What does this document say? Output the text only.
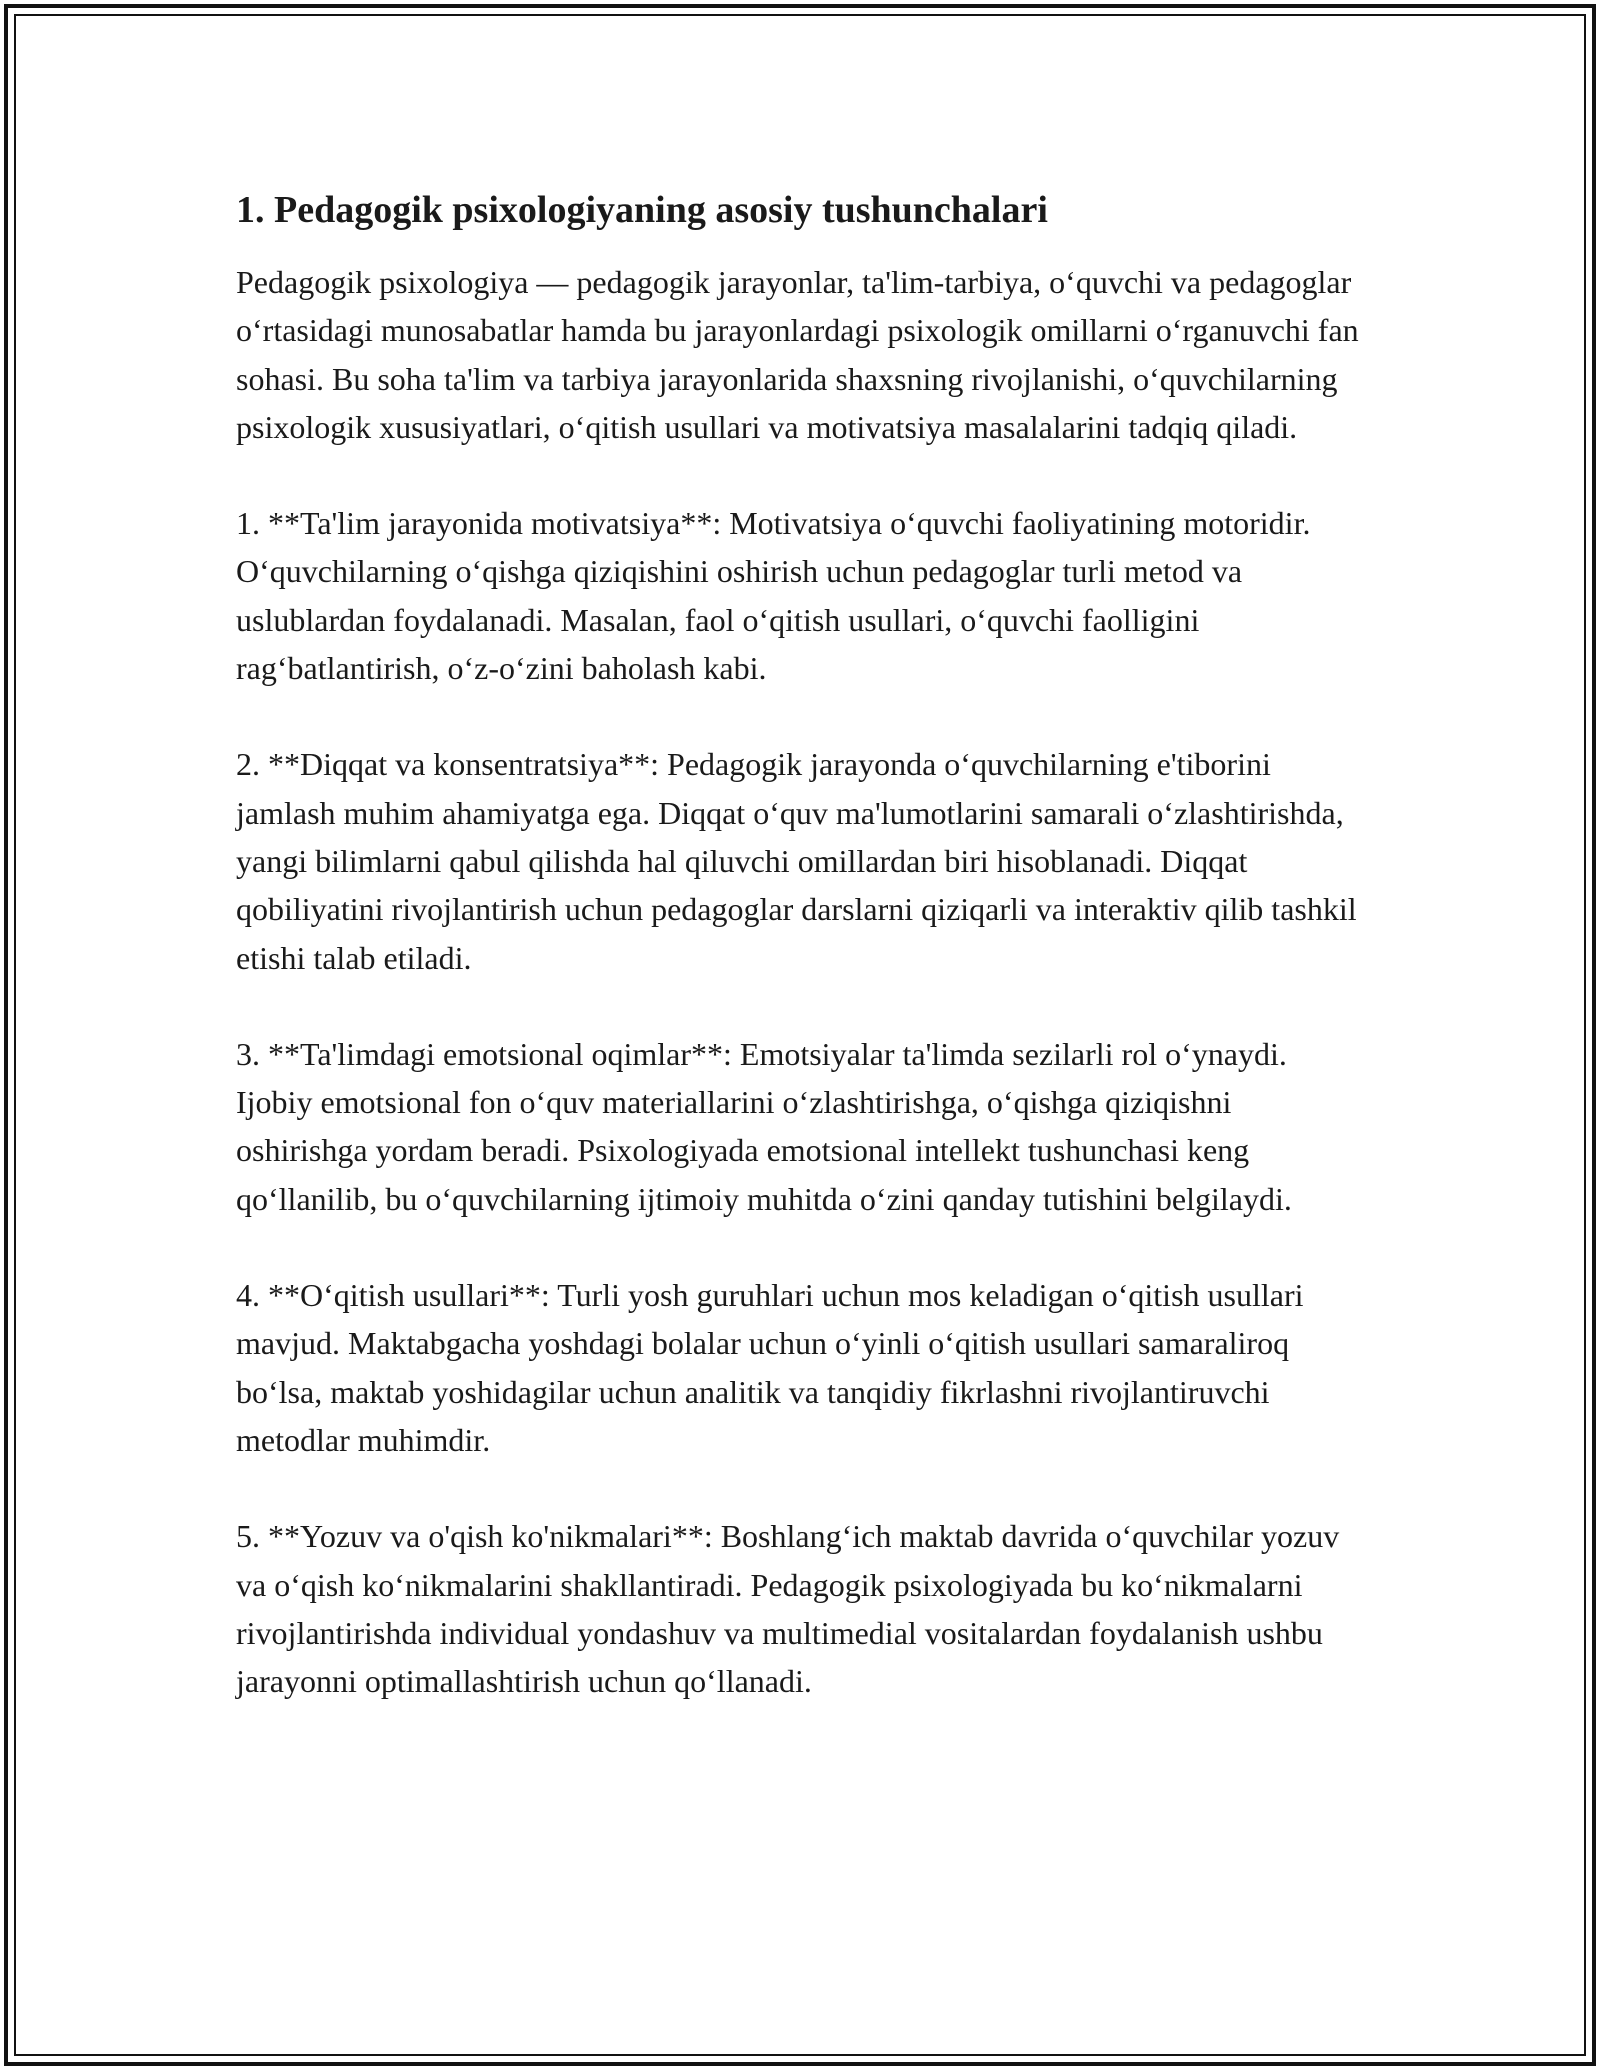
1. Pedagogik psixologiyaning asosiy tushunchalari

Pedagogik psixologiya — pedagogik jarayonlar, ta'lim-tarbiya, o‘quvchi va pedagoglar o‘rtasidagi munosabatlar hamda bu jarayonlardagi psixologik omillarni o‘rganuvchi fan sohasi. Bu soha ta'lim va tarbiya jarayonlarida shaxsning rivojlanishi, o‘quvchilarning psixologik xususiyatlari, o‘qitish usullari va motivatsiya masalalarini tadqiq qiladi.

1. **Ta'lim jarayonida motivatsiya**: Motivatsiya o‘quvchi faoliyatining motoridir. O‘quvchilarning o‘qishga qiziqishini oshirish uchun pedagoglar turli metod va uslublardan foydalanadi. Masalan, faol o‘qitish usullari, o‘quvchi faolligini rag‘batlantirish, o‘z-o‘zini baholash kabi.

2. **Diqqat va konsentratsiya**: Pedagogik jarayonda o‘quvchilarning e'tiborini jamlash muhim ahamiyatga ega. Diqqat o‘quv ma'lumotlarini samarali o‘zlashtirishda, yangi bilimlarni qabul qilishda hal qiluvchi omillardan biri hisoblanadi. Diqqat qobiliyatini rivojlantirish uchun pedagoglar darslarni qiziqarli va interaktiv qilib tashkil etishi talab etiladi.

3. **Ta'limdagi emotsional oqimlar**: Emotsiyalar ta'limda sezilarli rol o‘ynaydi. Ijobiy emotsional fon o‘quv materiallarini o‘zlashtirishga, o‘qishga qiziqishni oshirishga yordam beradi. Psixologiyada emotsional intellekt tushunchasi keng qo‘llanilib, bu o‘quvchilarning ijtimoiy muhitda o‘zini qanday tutishini belgilaydi.

4. **O‘qitish usullari**: Turli yosh guruhlari uchun mos keladigan o‘qitish usullari mavjud. Maktabgacha yoshdagi bolalar uchun o‘yinli o‘qitish usullari samaraliroq bo‘lsa, maktab yoshidagilar uchun analitik va tanqidiy fikrlashni rivojlantiruvchi metodlar muhimdir.

5. **Yozuv va o'qish ko'nikmalari**: Boshlang‘ich maktab davrida o‘quvchilar yozuv va o‘qish ko‘nikmalarini shakllantiradi. Pedagogik psixologiyada bu ko‘nikmalarni rivojlantirishda individual yondashuv va multimedial vositalardan foydalanish ushbu jarayonni optimallashtirish uchun qo‘llanadi.
